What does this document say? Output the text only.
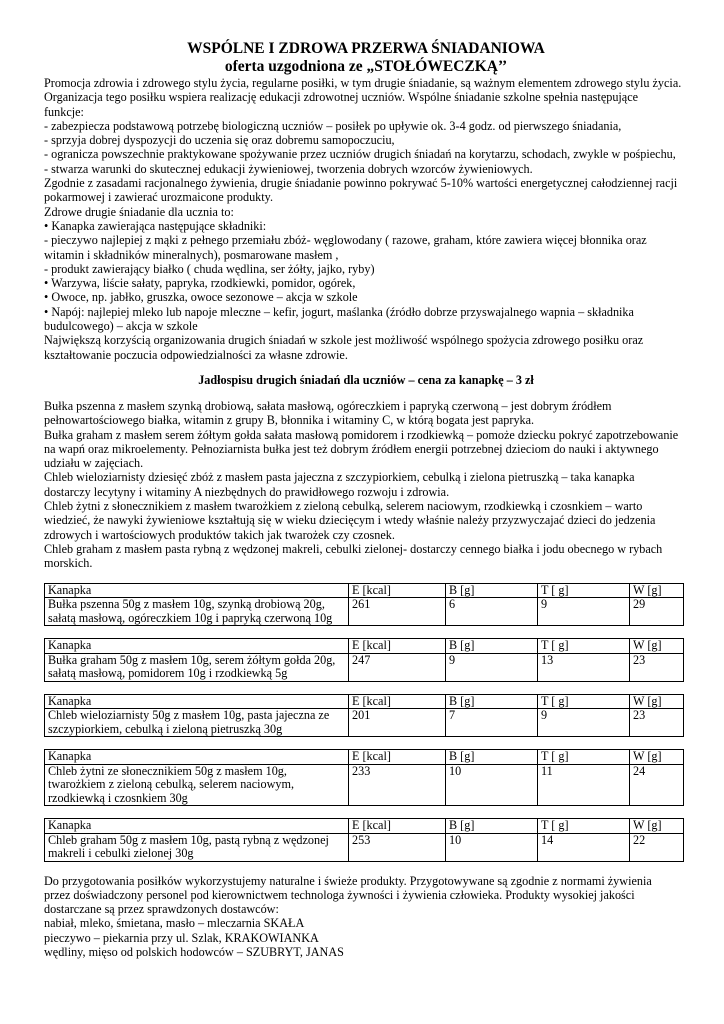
WSPÓLNE I ZDROWA PRZERWA ŚNIADANIOWA
oferta uzgodniona ze „STOŁÓWECZKĄ’’
Promocja zdrowia i zdrowego stylu życia, regularne posiłki, w tym drugie śniadanie, są ważnym elementem zdrowego stylu życia.
Organizacja tego posiłku wspiera realizację edukacji zdrowotnej uczniów. Wspólne śniadanie szkolne spełnia następujące
funkcje:
- zabezpiecza podstawową potrzebę biologiczną uczniów – posiłek po upływie ok. 3-4 godz. od pierwszego śniadania,
- sprzyja dobrej dyspozycji do uczenia się oraz dobremu samopoczuciu,
- ogranicza powszechnie praktykowane spożywanie przez uczniów drugich śniadań na korytarzu, schodach, zwykle w pośpiechu,
- stwarza warunki do skutecznej edukacji żywieniowej, tworzenia dobrych wzorców żywieniowych.
Zgodnie z zasadami racjonalnego żywienia, drugie śniadanie powinno pokrywać 5-10% wartości energetycznej całodziennej racji
pokarmowej i zawierać urozmaicone produkty.
Zdrowe drugie śniadanie dla ucznia to:
• Kanapka zawierająca następujące składniki:
- pieczywo najlepiej z mąki z pełnego przemiału zbóż- węglowodany ( razowe, graham, które zawiera więcej błonnika oraz
witamin i składników mineralnych), posmarowane masłem ,
- produkt zawierający białko ( chuda wędlina, ser żółty, jajko, ryby)
• Warzywa, liście sałaty, papryka, rzodkiewki, pomidor, ogórek,
• Owoce, np. jabłko, gruszka, owoce sezonowe – akcja w szkole
• Napój: najlepiej mleko lub napoje mleczne – kefir, jogurt, maślanka (źródło dobrze przyswajalnego wapnia – składnika
budulcowego) – akcja w szkole
Największą korzyścią organizowania drugich śniadań w szkole jest możliwość wspólnego spożycia zdrowego posiłku oraz
kształtowanie poczucia odpowiedzialności za własne zdrowie.
Jadłospisu drugich śniadań dla uczniów – cena za kanapkę – 3 zł
Bułka pszenna z masłem szynką drobiową, sałata masłową, ogóreczkiem i papryką czerwoną – jest dobrym źródłem
pełnowartościowego białka, witamin z grupy B, błonnika i witaminy C, w którą bogata jest papryka.
Bułka graham z masłem serem żółtym gołda sałata masłową pomidorem i rzodkiewką – pomoże dziecku pokryć zapotrzebowanie
na wapń oraz mikroelementy. Pełnoziarnista bułka jest też dobrym źródłem energii potrzebnej dzieciom do nauki i aktywnego
udziału w zajęciach.
Chleb wieloziarnisty dziesięć zbóż z masłem pasta jajeczna z szczypiorkiem, cebulką i zielona pietruszką – taka kanapka
dostarczy lecytyny i witaminy A niezbędnych do prawidłowego rozwoju i zdrowia.
Chleb żytni z słonecznikiem z masłem twarożkiem z zieloną cebulką, selerem naciowym, rzodkiewką i czosnkiem – warto
wiedzieć, że nawyki żywieniowe kształtują się w wieku dziecięcym i wtedy właśnie należy przyzwyczajać dzieci do jedzenia
zdrowych i wartościowych produktów takich jak twarożek czy czosnek.
Chleb graham z masłem pasta rybną z wędzonej makreli, cebulki zielonej- dostarczy cennego białka i jodu obecnego w rybach
morskich.
Kanapka	E [kcal]	B [g]	T [ g]	W [g]

Bułka pszenna 50g z masłem 10g, szynką drobiową 20g,
sałatą masłową, ogóreczkiem 10g i papryką czerwoną 10g	261	6	9	29
Kanapka	E [kcal]	B [g]	T [ g]	W [g]

Bułka graham 50g z masłem 10g, serem żółtym gołda 20g,
sałatą masłową, pomidorem 10g i rzodkiewką 5g	247	9	13	23
Kanapka	E [kcal]	B [g]	T [ g]	W [g]

Chleb wieloziarnisty 50g z masłem 10g, pasta jajeczna ze
szczypiorkiem, cebulką i zieloną pietruszką 30g	201	7	9	23
Kanapka	E [kcal]	B [g]	T [ g]	W [g]

Chleb żytni ze słonecznikiem 50g z masłem 10g,
twarożkiem z zieloną cebulką, selerem naciowym,
rzodkiewką i czosnkiem 30g	233	10	11	24
Kanapka	E [kcal]	B [g]	T [ g]	W [g]

Chleb graham 50g z masłem 10g, pastą rybną z wędzonej
makreli i cebulki zielonej 30g	253	10	14	22
Do przygotowania posiłków wykorzystujemy naturalne i świeże produkty. Przygotowywane są zgodnie z normami żywienia
przez doświadczony personel pod kierownictwem technologa żywności i żywienia człowieka. Produkty wysokiej jakości
dostarczane są przez sprawdzonych dostawców:
nabiał, mleko, śmietana, masło – mleczarnia SKAŁA
pieczywo – piekarnia przy ul. Szlak, KRAKOWIANKA
wędliny, mięso od polskich hodowców – SZUBRYT, JANAS
